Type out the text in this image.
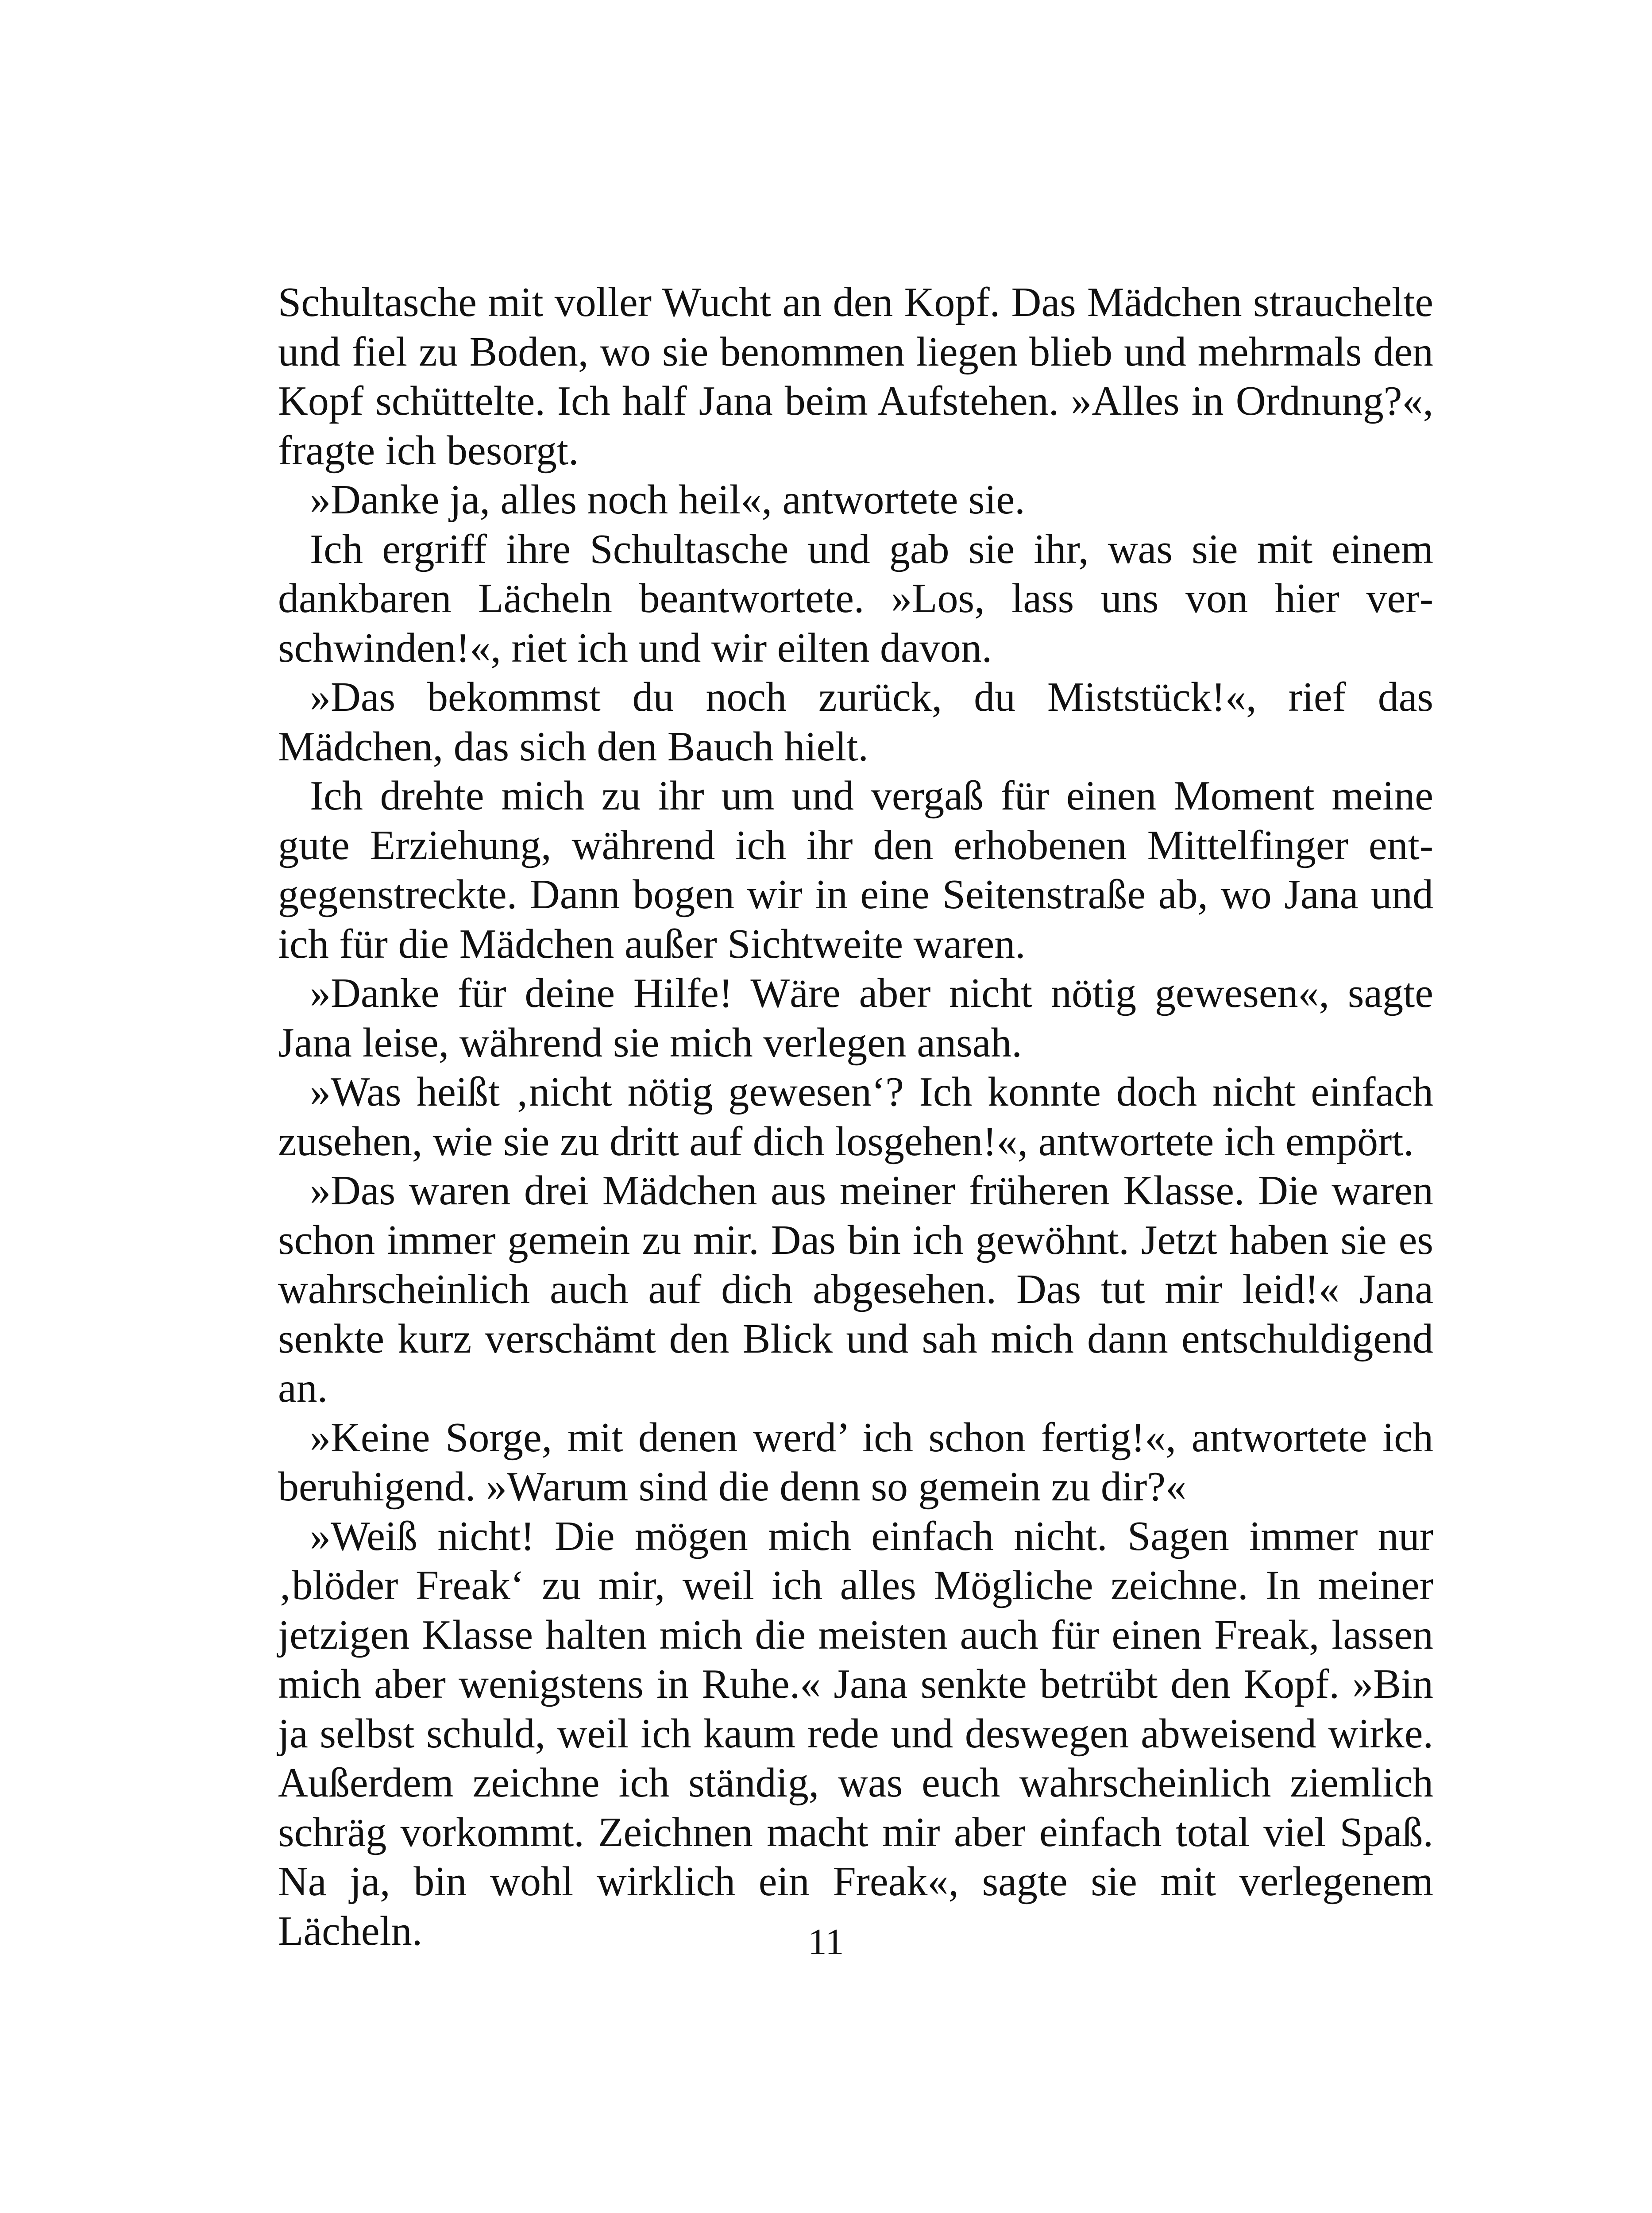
Schultasche mit voller Wucht an den Kopf. Das Mädchen strauchelte und fiel zu Boden, wo sie benommen liegen blieb und mehrmals den Kopf schüttelte. Ich half Jana beim Aufstehen. »Alles in Ordnung?«, fragte ich besorgt.

»Danke ja, alles noch heil«, antwortete sie.

Ich ergriff ihre Schultasche und gab sie ihr, was sie mit einem dankbaren Lächeln beantwortete. »Los, lass uns von hier verschwinden!«, riet ich und wir eilten davon.

»Das bekommst du noch zurück, du Miststück!«, rief das Mädchen, das sich den Bauch hielt.

Ich drehte mich zu ihr um und vergaß für einen Moment meine gute Erziehung, während ich ihr den erhobenen Mittelfinger entgegenstreckte. Dann bogen wir in eine Seitenstraße ab, wo Jana und ich für die Mädchen außer Sichtweite waren.

»Danke für deine Hilfe! Wäre aber nicht nötig gewesen«, sagte Jana leise, während sie mich verlegen ansah.

»Was heißt ‚nicht nötig gewesen‘? Ich konnte doch nicht einfach zusehen, wie sie zu dritt auf dich losgehen!«, antwortete ich empört.

»Das waren drei Mädchen aus meiner früheren Klasse. Die waren schon immer gemein zu mir. Das bin ich gewöhnt. Jetzt haben sie es wahrscheinlich auch auf dich abgesehen. Das tut mir leid!« Jana senkte kurz verschämt den Blick und sah mich dann entschuldigend an.

»Keine Sorge, mit denen werd’ ich schon fertig!«, antwortete ich beruhigend. »Warum sind die denn so gemein zu dir?«

»Weiß nicht! Die mögen mich einfach nicht. Sagen immer nur ‚blöder Freak‘ zu mir, weil ich alles Mögliche zeichne. In meiner jetzigen Klasse halten mich die meisten auch für einen Freak, lassen mich aber wenigstens in Ruhe.« Jana senkte betrübt den Kopf. »Bin ja selbst schuld, weil ich kaum rede und deswegen abweisend wirke. Außerdem zeichne ich ständig, was euch wahrscheinlich ziemlich schräg vorkommt. Zeichnen macht mir aber einfach total viel Spaß. Na ja, bin wohl wirklich ein Freak«, sagte sie mit verlegenem Lächeln.	11
